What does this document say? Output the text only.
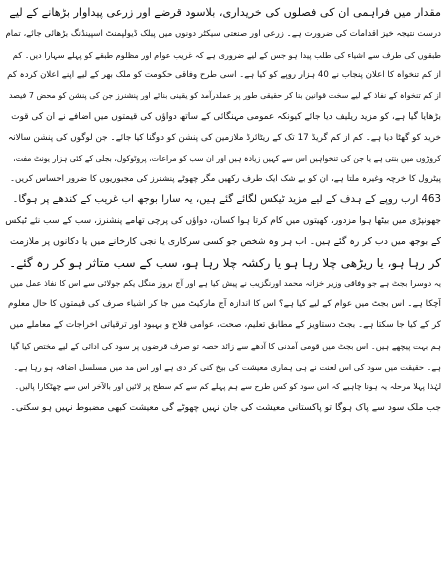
مقدار میں فراہمی ان کی فصلوں کی خریداری، بلاسود قرضے اور زرعی پیداوار بڑھانے کے لیے
درست نتیجہ خیز اقدامات کی ضرورت ہے۔ زرعی اور صنعتی سیکٹر دونوں میں پبلک ڈیولپمنٹ اسپینڈنگ بڑھائی جائے، تمام
طبقوں کی طرف سے اشیاء کی طلب پیدا ہو جس کے لیے ضروری ہے کہ غریب عوام اور مظلوم طبقے کو پہلے سہارا دیں۔ کم
از کم تنخواہ کا اعلان پنجاب نے 40 ہزار روپے کو کیا ہے۔ اسی طرح وفاقی حکومت کو ملک بھر کے لیے اپنے اعلان کردہ کم
از کم تنخواہ کے نفاذ کے لیے سخت قوانین بنا کر حقیقی طور پر عملدرآمد کو یقینی بنائے اور پنشنرز جن کی پنشن کو محض 7 فیصد
بڑھایا گیا ہے، کو مزید ریلیف دیا جائے کیونکہ عمومی مہنگائی کے ساتھ دواؤں کی قیمتوں میں اضافے نے ان کی قوت
خرید کو گھٹا دیا ہے۔ کم از کم گریڈ 17 تک کے ریٹائرڈ ملازمین کی پنشن کو دوگنا کیا جائے۔ جن لوگوں کی پنشن سالانہ
کروڑوں میں بنتی ہے یا جن کی تنخواہیں اس سے کہیں زیادہ ہیں اور ان سب کو مراعات، پروٹوکول، بجلی کے کئی ہزار یونٹ مفت،
پیٹرول کا خرچہ وغیرہ ملتا ہے، ان کو بے شک ایک طرف رکھیں مگر چھوٹے پنشنرز کی مجبوریوں کا ضرور احساس کریں۔
463 ارب روپے کے ہدف کے لیے مزید ٹیکس لگائے گئے ہیں، یہ سارا بوجھ اب غریب کے کندھے پر ہوگا۔
جھونپڑی میں بیٹھا ہوا مزدور، کھیتوں میں کام کرتا ہوا کسان، دواؤں کی پرچی تھامے پنشنرز، سب کے سب نئے ٹیکس
کے بوجھ میں دب کر رہ گئے ہیں۔ اب ہر وہ شخص جو کسی سرکاری یا نجی کارخانے میں یا دکانوں پر ملازمت
کر رہا ہو، یا ریڑھی چلا رہا ہو یا رکشہ چلا رہا ہو، سب کے سب متاثر ہو کر رہ گئے۔
یہ دوسرا بجٹ ہے جو وفاقی وزیر خزانہ محمد اورنگزیب نے پیش کیا ہے اور آج بروز منگل یکم جولائی سے اس کا نفاذ عمل میں
آچکا ہے۔ اس بجٹ میں عوام کے لیے کیا ہے؟ اس کا اندازہ آج مارکیٹ میں جا کر اشیاء صرف کی قیمتوں کا حال معلوم
کر کے کیا جا سکتا ہے۔ بجٹ دستاویز کے مطابق تعلیم، صحت، عوامی فلاح و بہبود اور ترقیاتی اخراجات کے معاملے میں
ہم بہت پیچھے ہیں۔ اس بجٹ میں قومی آمدنی کا آدھے سے زائد حصہ تو صرف قرضوں پر سود کی ادائی کے لیے مختص کیا گیا
ہے۔ حقیقت میں سود کی اس لعنت نے ہی ہماری معیشت کی بیخ کنی کر دی ہے اور اس مد میں مسلسل اضافہ ہو رہا ہے۔
لہٰذا پہلا مرحلہ یہ ہونا چاہیے کہ اس سود کو کس طرح سے ہم پہلے کم سے کم سطح پر لائیں اور بالآخر اس سے چھٹکارا پالیں۔
جب ملک سود سے پاک ہوگا تو پاکستانی معیشت کی جان نہیں چھوٹے گی معیشت کبھی مضبوط نہیں ہو سکتی۔
